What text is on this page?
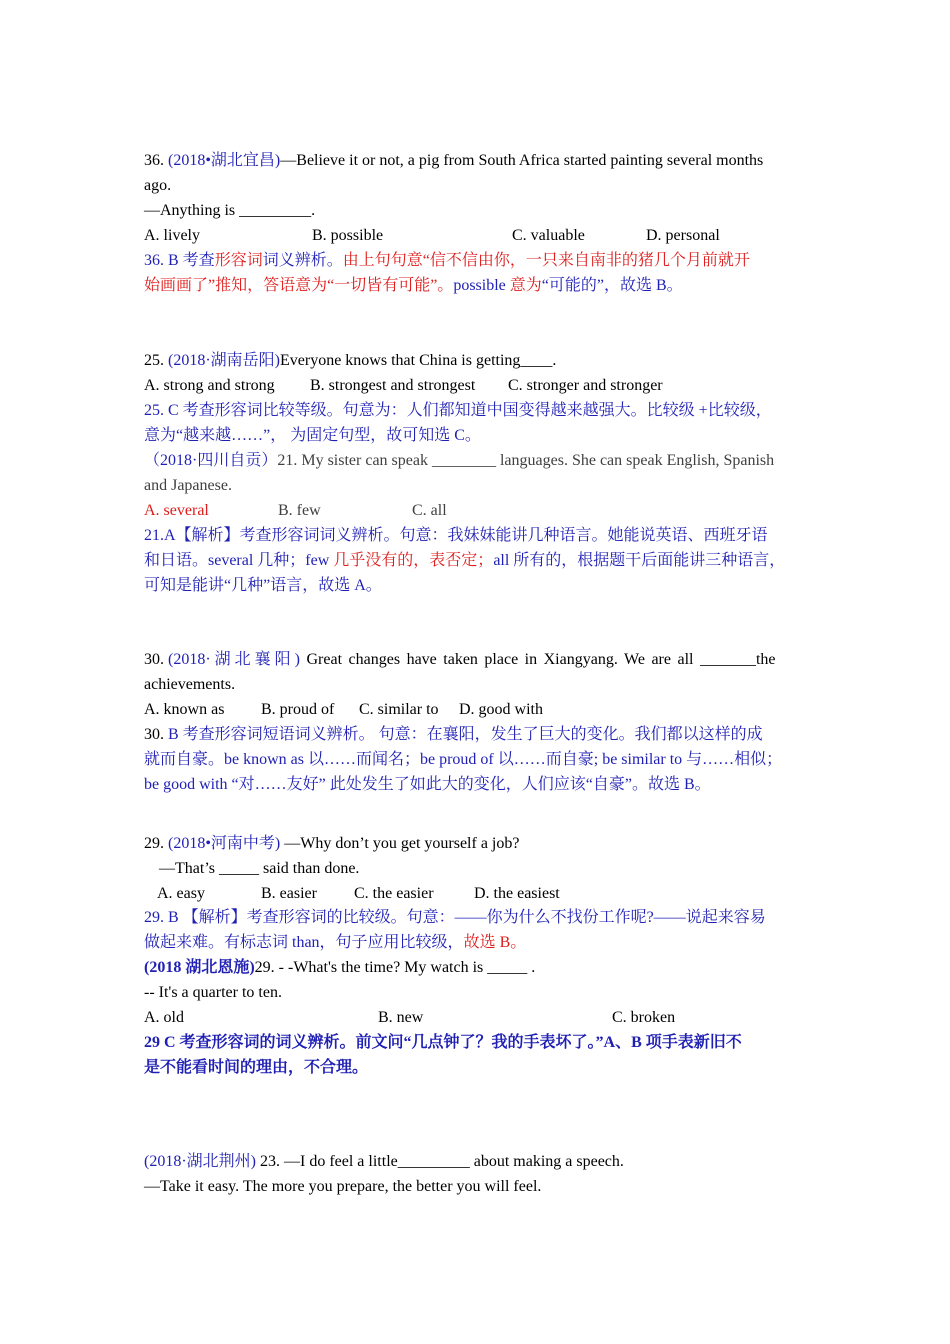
36. (2018•湖北宜昌)—Believe it or not, a pig from South Africa started painting several months
ago.
—Anything is _________.
A. lively	B. possible	C. valuable	D. personal
36. B 考查形容词词义辨析。由上句句意“信不信由你，一只来自南非的猪几个月前就开
始画画了”推知，答语意为“一切皆有可能”。possible 意为“可能的”，故选 B。
25. (2018·湖南岳阳)Everyone knows that China is getting____.
A. strong and strong B. strongest and strongest C. stronger and stronger
25. C 考查形容词比较等级。句意为：人们都知道中国变得越来越强大。比较级 +比较级，
意为“越来越……”， 为固定句型，故可知选 C。
（2018·四川自贡）21. My sister can speak ________ languages. She can speak English, Spanish
and Japanese.
A. several	B. few	C. all
21.A【解析】考查形容词词义辨析。句意：我妹妹能讲几种语言。她能说英语、西班牙语
和日语。several 几种；few 几乎没有的，表否定；all 所有的，根据题干后面能讲三种语言，
可知是能讲“几种”语言，故选 A。
30. (2018· 湖 北 襄 阳 ) Great changes have taken place in Xiangyang. We are all _______the
achievements.
A. known as B. proud of C. similar to D. good with
30. B 考查形容词短语词义辨析。 句意：在襄阳，发生了巨大的变化。我们都以这样的成
就而自豪。be known as 以……而闻名；be proud of 以……而自豪; be similar to 与……相似；
be good with “对……友好” 此处发生了如此大的变化，人们应该“自豪”。故选 B。
29. (2018•河南中考) —Why don’t you get yourself a job?
—That’s _____ said than done.
A. easy	B. easier C. the easier	D. the easiest
29. B 【解析】考查形容词的比较级。句意：——你为什么不找份工作呢?——说起来容易
做起来难。有标志词 than，句子应用比较级，故选 B。
(2018 湖北恩施)29. - -What's the time? My watch is _____ .
-- It's a quarter to ten.
A. old	B. new	C. broken
29 C 考查形容词的词义辨析。前文问“几点钟了？我的手表坏了。”A、B 项手表新旧不
是不能看时间的理由，不合理。
(2018·湖北荆州) 23. —I do feel a little_________ about making a speech.
—Take it easy. The more you prepare, the better you will feel.
